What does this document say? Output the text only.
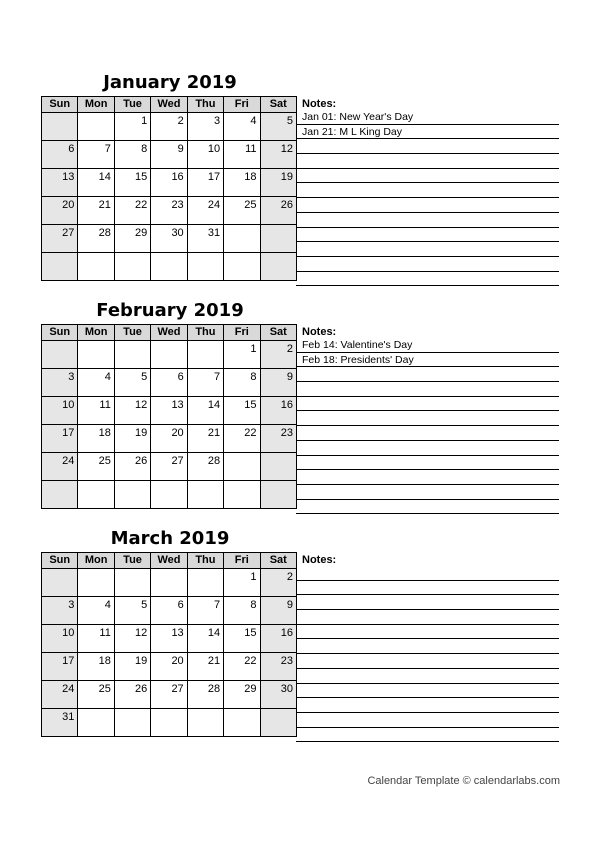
January 2019
Sun	Mon	Tue	Wed	Thu	Fri	Sat
		1	2	3	4	5
6	7	8	9	10	11	12
13	14	15	16	17	18	19
20	21	22	23	24	25	26
27	28	29	30	31		

Notes:
Jan 01: New Year's Day
Jan 21: M L King Day
February 2019
Sun	Mon	Tue	Wed	Thu	Fri	Sat
					1	2
3	4	5	6	7	8	9
10	11	12	13	14	15	16
17	18	19	20	21	22	23
24	25	26	27	28		

Notes:
Feb 14: Valentine's Day
Feb 18: Presidents' Day
March 2019
Sun	Mon	Tue	Wed	Thu	Fri	Sat
					1	2
3	4	5	6	7	8	9
10	11	12	13	14	15	16
17	18	19	20	21	22	23
24	25	26	27	28	29	30
31						
Notes:
Calendar Template © calendarlabs.com
